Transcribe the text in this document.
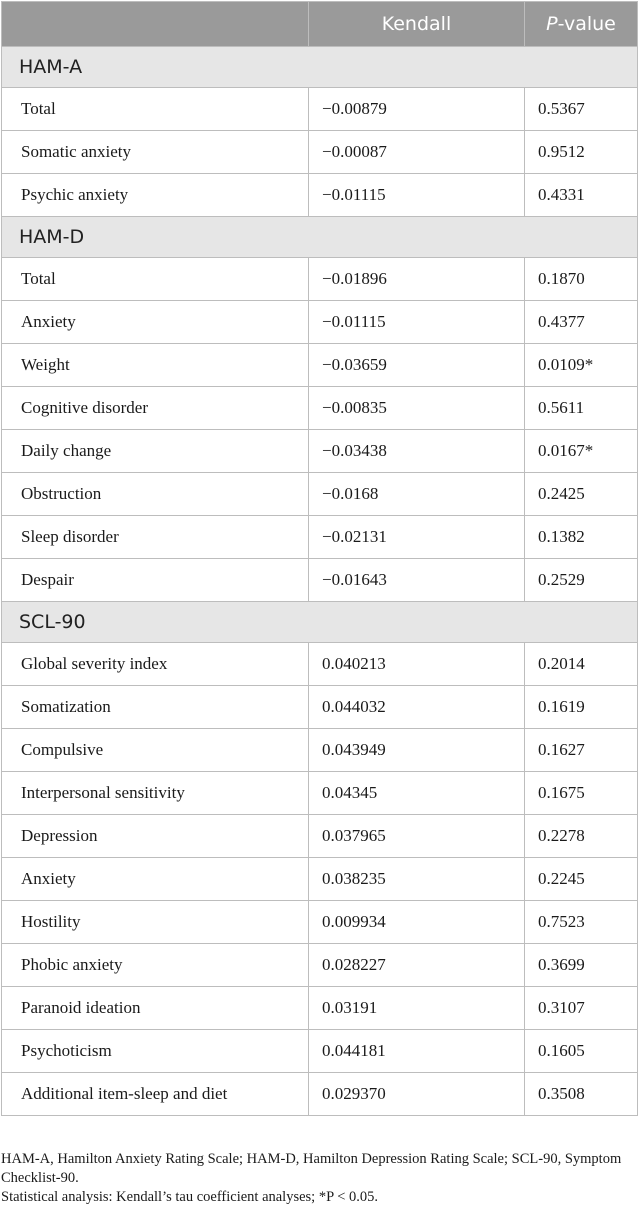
	Kendall	P-value
HAM-A		
Total	−0.00879	0.5367
Somatic anxiety	−0.00087	0.9512
Psychic anxiety	−0.01115	0.4331
HAM-D		
Total	−0.01896	0.1870
Anxiety	−0.01115	0.4377
Weight	−0.03659	0.0109*
Cognitive disorder	−0.00835	0.5611
Daily change	−0.03438	0.0167*
Obstruction	−0.0168	0.2425
Sleep disorder	−0.02131	0.1382
Despair	−0.01643	0.2529
SCL-90		
Global severity index	0.040213	0.2014
Somatization	0.044032	0.1619
Compulsive	0.043949	0.1627
Interpersonal sensitivity	0.04345	0.1675
Depression	0.037965	0.2278
Anxiety	0.038235	0.2245
Hostility	0.009934	0.7523
Phobic anxiety	0.028227	0.3699
Paranoid ideation	0.03191	0.3107
Psychoticism	0.044181	0.1605
Additional item-sleep and diet	0.029370	0.3508

HAM-A, Hamilton Anxiety Rating Scale; HAM-D, Hamilton Depression Rating Scale; SCL-90, Symptom Checklist-90.

Statistical analysis: Kendall’s tau coefficient analyses; *P < 0.05.
